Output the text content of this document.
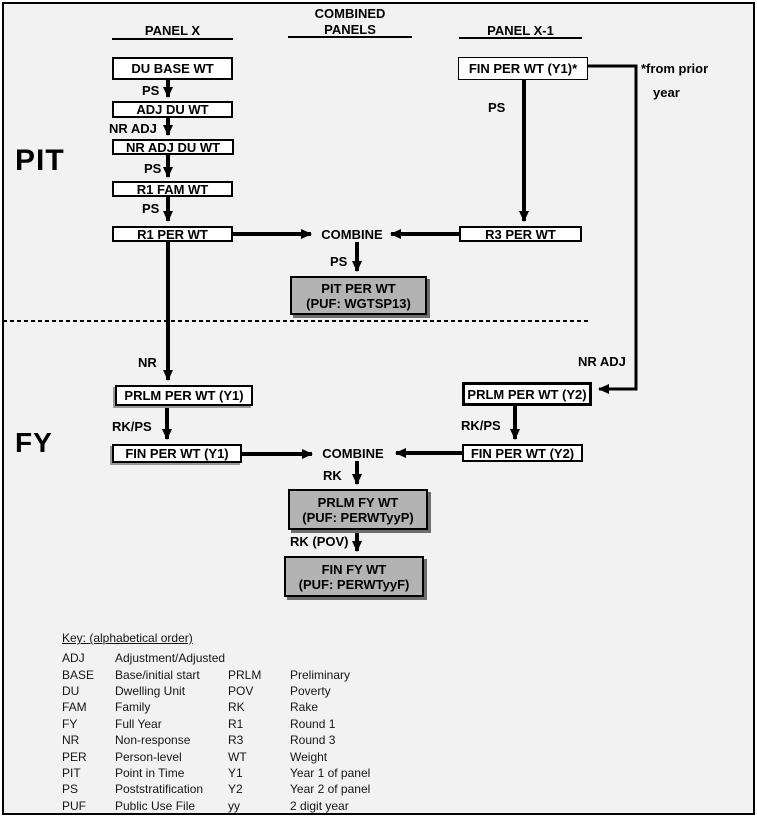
PANEL X
COMBINED
PANELS	PANEL X-1
PIT
FY
*from prior
year
DU BASE WT
ADJ DU WT
NR ADJ DU WT
R1 FAM WT
R1 PER WT
FIN PER WT (Y1)*
R3 PER WT
COMBINE
PIT PER WT
(PUF: WGTSP13)
PRLM PER WT (Y1)
FIN PER WT (Y1)	COMBINE
PRLM PER WT (Y2)
FIN PER WT (Y2)
PRLM FY WT
(PUF: PERWTyyP)
FIN FY WT
(PUF: PERWTyyF)
PS
NR ADJ
PS
PS
PS
PS
NR	NR ADJ
RK/PS	RK/PS
RK
RK (POV)
Key: (alphabetical order)
ADJ	Adjustment/Adjusted
BASE	Base/initial start	PRLM	Preliminary
DU	Dwelling Unit	POV	Poverty
FAM	Family	RK	Rake
FY	Full Year	R1	Round 1
NR	Non-response	R3	Round 3
PER	Person-level	WT	Weight
PIT	Point in Time	Y1	Year 1 of panel
PS	Poststratification	Y2	Year 2 of panel
PUF	Public Use File	yy	2 digit year
